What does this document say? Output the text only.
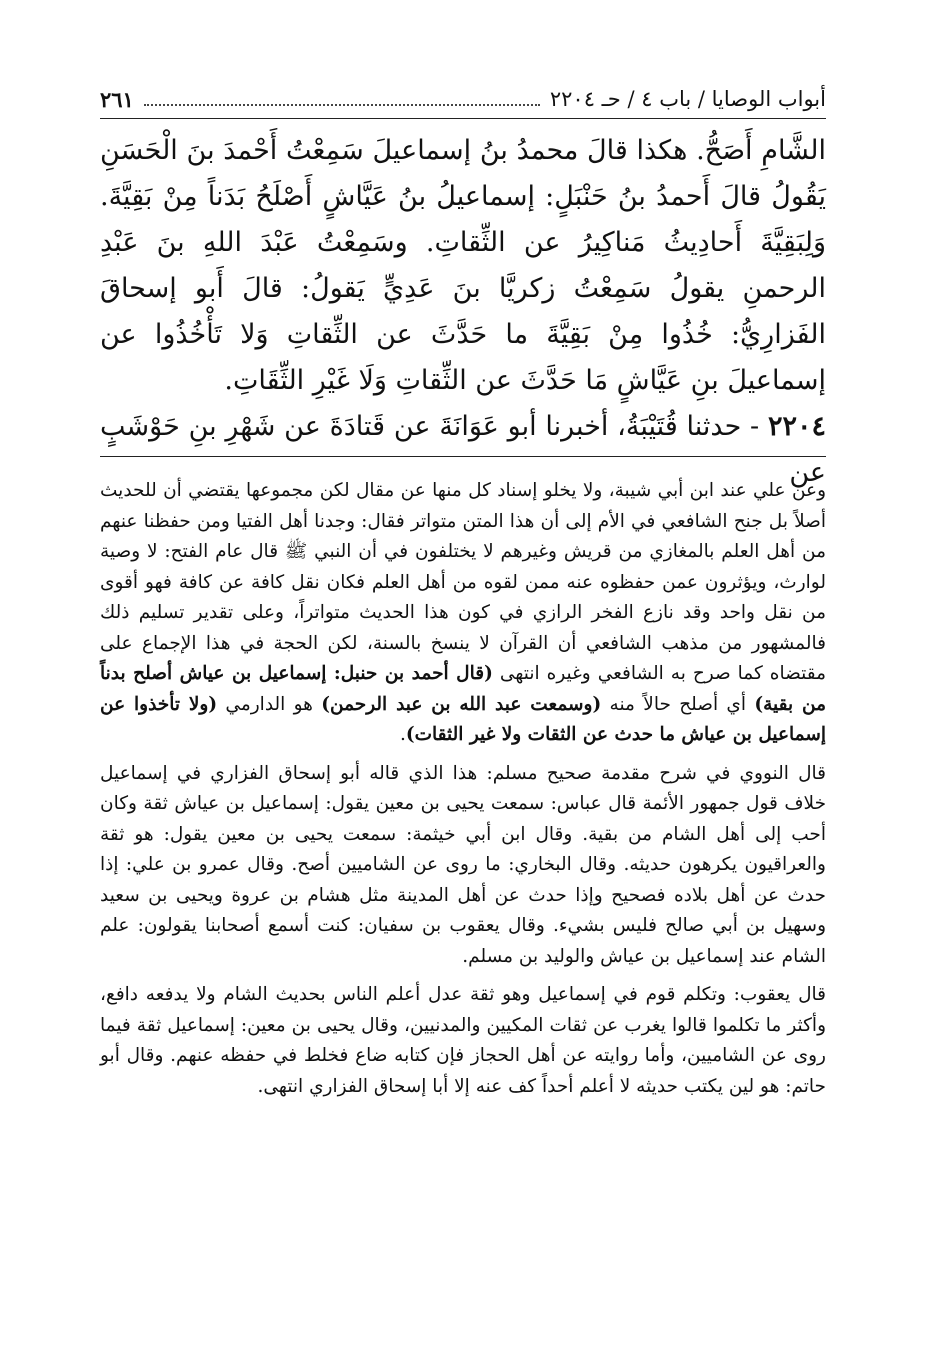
أبواب الوصايا / باب ٤ / حـ ٢٢٠٤
٢٦١

الشَّامِ أَصَحُّ. هكذا قالَ محمدُ بنُ إسماعيلَ سَمِعْتُ أَحْمدَ بنَ الْحَسَنِ يَقُولُ قالَ أَحمدُ بنُ حَنْبَلٍ: إسماعيلُ بنُ عَيَّاشٍ أَصْلَحُ بَدَناً مِنْ بَقِيَّةَ. وَلِبَقِيَّةَ أَحادِيثُ مَناكِيرُ عن الثِّقاتِ. وسَمِعْتُ عَبْدَ اللهِ بنَ عَبْدِ الرحمنِ يقولُ سَمِعْتُ زكريَّا بنَ عَدِيٍّ يَقولُ: قالَ أَبو إسحاقَ الفَزارِيُّ: خُذُوا مِنْ بَقِيَّةَ ما حَدَّثَ عن الثِّقاتِ وَلا تَأْخُذُوا عن إسماعيلَ بنِ عَيَّاشٍ مَا حَدَّثَ عن الثِّقاتِ وَلَا غَيْرِ الثِّقَاتِ.

٢٢٠٤ - حدثنا قُتَيْبَةُ، أخبرنا أبو عَوَانَةَ عن قَتادَةَ عن شَهْرِ بنِ حَوْشَبٍ عن

وعن علي عند ابن أبي شيبة، ولا يخلو إسناد كل منها عن مقال لكن مجموعها يقتضي أن للحديث أصلاً بل جنح الشافعي في الأم إلى أن هذا المتن متواتر فقال: وجدنا أهل الفتيا ومن حفظنا عنهم من أهل العلم بالمغازي من قريش وغيرهم لا يختلفون في أن النبي ﷺ قال عام الفتح: لا وصية لوارث، ويؤثرون عمن حفظوه عنه ممن لقوه من أهل العلم فكان نقل كافة عن كافة فهو أقوى من نقل واحد وقد نازع الفخر الرازي في كون هذا الحديث متواتراً، وعلى تقدير تسليم ذلك فالمشهور من مذهب الشافعي أن القرآن لا ينسخ بالسنة، لكن الحجة في هذا الإجماع على مقتضاه كما صرح به الشافعي وغيره انتهى (قال أحمد بن حنبل: إسماعيل بن عياش أصلح بدناً من بقية) أي أصلح حالاً منه (وسمعت عبد الله بن عبد الرحمن) هو الدارمي (ولا تأخذوا عن إسماعيل بن عياش ما حدث عن الثقات ولا غير الثقات).

قال النووي في شرح مقدمة صحيح مسلم: هذا الذي قاله أبو إسحاق الفزاري في إسماعيل خلاف قول جمهور الأئمة قال عباس: سمعت يحيى بن معين يقول: إسماعيل بن عياش ثقة وكان أحب إلى أهل الشام من بقية. وقال ابن أبي خيثمة: سمعت يحيى بن معين يقول: هو ثقة والعراقيون يكرهون حديثه. وقال البخاري: ما روى عن الشاميين أصح. وقال عمرو بن علي: إذا حدث عن أهل بلاده فصحيح وإذا حدث عن أهل المدينة مثل هشام بن عروة ويحيى بن سعيد وسهيل بن أبي صالح فليس بشيء. وقال يعقوب بن سفيان: كنت أسمع أصحابنا يقولون: علم الشام عند إسماعيل بن عياش والوليد بن مسلم.

قال يعقوب: وتكلم قوم في إسماعيل وهو ثقة عدل أعلم الناس بحديث الشام ولا يدفعه دافع، وأكثر ما تكلموا قالوا يغرب عن ثقات المكيين والمدنيين، وقال يحيى بن معين: إسماعيل ثقة فيما روى عن الشاميين، وأما روايته عن أهل الحجاز فإن كتابه ضاع فخلط في حفظه عنهم. وقال أبو حاتم: هو لين يكتب حديثه لا أعلم أحداً كف عنه إلا أبا إسحاق الفزاري انتهى.
